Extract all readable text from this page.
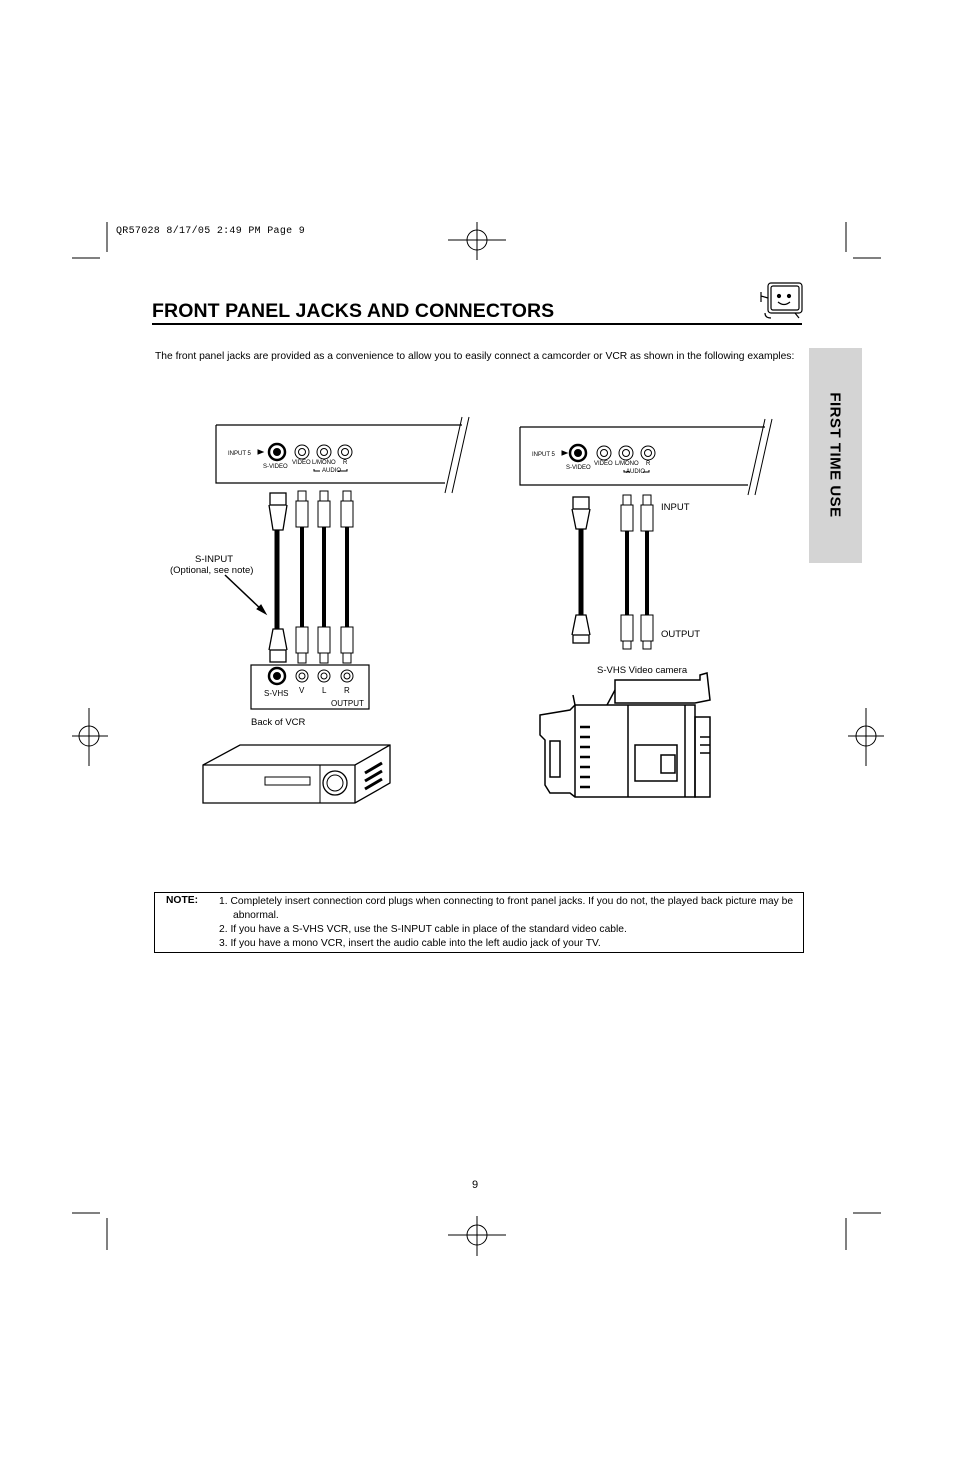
QR57028 8/17/05 2:49 PM Page 9
FRONT PANEL JACKS AND CONNECTORS

The front panel jacks are provided as a convenience to allow you to easily connect a camcorder or VCR as shown in the following examples:

FIRST TIME USE
INPUT 5
S-VIDEO
VIDEO L/MONO R
AUDIO
S-INPUT
(Optional, see note)
S-VHS V L R
OUTPUT
Back of VCR
INPUT 5
S-VIDEO
VIDEO L/MONO R
AUDIO
INPUT
OUTPUT
S-VHS Video camera
NOTE: 1. Completely insert connection cord plugs when connecting to front panel jacks. If you do not, the played back picture may be abnormal.
2. If you have a S-VHS VCR, use the S-INPUT cable in place of the standard video cable.
3. If you have a mono VCR, insert the audio cable into the left audio jack of your TV.
9
